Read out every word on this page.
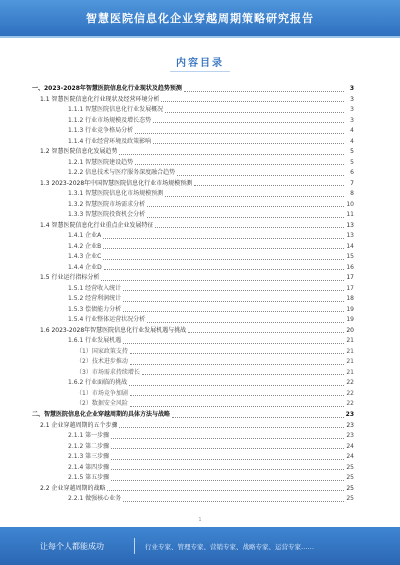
智慧医院信息化企业穿越周期策略研究报告
内容目录
一、2023-2028年智慧医院信息化行业现状及趋势预测	3
1.1 智慧医院信息化行业现状及经营环境分析	3
1.1.1 智慧医院信息化行业发展概况	3
1.1.2 行业市场规模及增长态势	3
1.1.3 行业竞争格局分析	4
1.1.4 行业经营环境及政策影响	4
1.2 智慧医院信息化发展趋势	5
1.2.1 智慧医院建设趋势	5
1.2.2 信息技术与医疗服务深度融合趋势	6
1.3 2023-2028年中国智慧医院信息化行业市场规模预测	7
1.3.1 智慧医院信息化市场规模预测	8
1.3.2 智慧医院市场需求分析	10
1.3.3 智慧医院投资机会分析	11
1.4 智慧医院信息化行业重点企业发展特征	13
1.4.1 企业A	13
1.4.2 企业B	14
1.4.3 企业C	15
1.4.4 企业D	16
1.5 行业运行指标分析	17
1.5.1 经营收入统计	17
1.5.2 经营利润统计	18
1.5.3 偿债能力分析	19
1.5.4 行业整体运营状况分析	19
1.6 2023-2028年智慧医院信息化行业发展机遇与挑战	20
1.6.1 行业发展机遇	21
（1）国家政策支持	21
（2）技术进步推动	21
（3）市场需求持续增长	21
1.6.2 行业面临的挑战	22
（1）市场竞争加剧	22
（2）数据安全风险	22
二、智慧医院信息化企业穿越周期的具体方法与战略	23
2.1 企业穿越周期的五个步骤	23
2.1.1 第一步骤	23
2.1.2 第二步骤	24
2.1.3 第三步骤	24
2.1.4 第四步骤	25
2.1.5 第五步骤	25
2.2 企业穿越周期的战略	25
2.2.1 做强核心业务	25
1
让每个人都能成功	行业专家、管理专家、营销专家、战略专家、运营专家……
